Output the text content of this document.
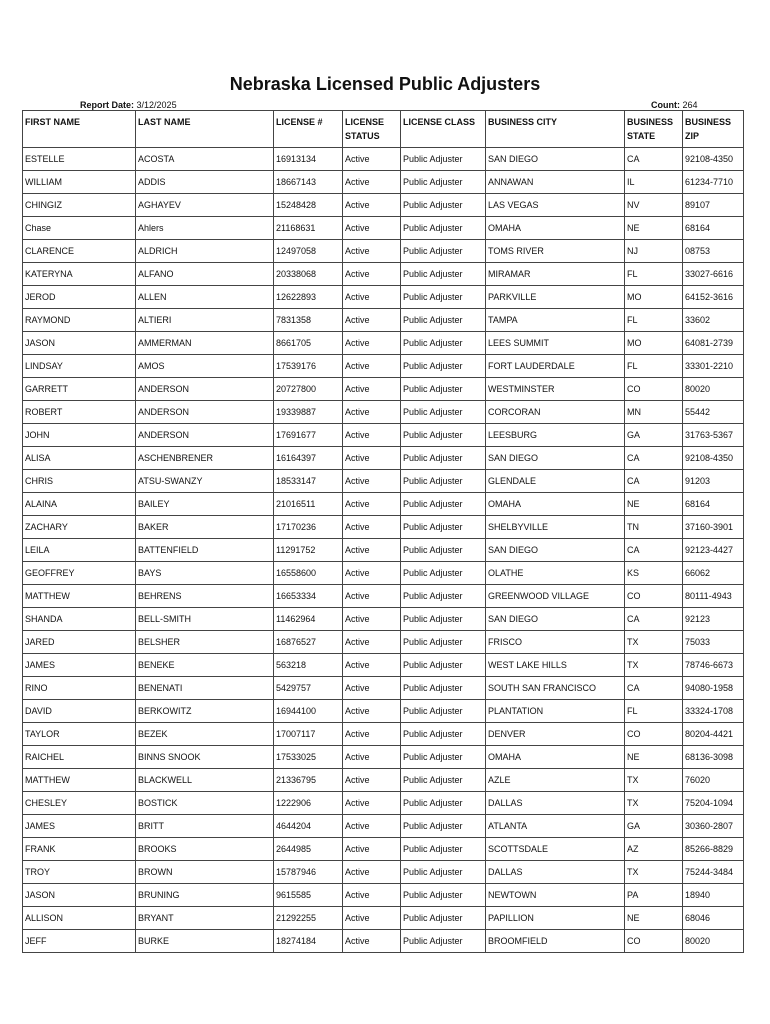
Nebraska Licensed Public Adjusters
Report Date: 3/12/2025	Count: 264
FIRST NAME	LAST NAME	LICENSE #	LICENSE STATUS	LICENSE CLASS	BUSINESS CITY	BUSINESS STATE	BUSINESS ZIP
ESTELLE	ACOSTA	16913134	Active	Public Adjuster	SAN DIEGO	CA	92108-4350
WILLIAM	ADDIS	18667143	Active	Public Adjuster	ANNAWAN	IL	61234-7710
CHINGIZ	AGHAYEV	15248428	Active	Public Adjuster	LAS VEGAS	NV	89107
Chase	Ahlers	21168631	Active	Public Adjuster	OMAHA	NE	68164
CLARENCE	ALDRICH	12497058	Active	Public Adjuster	TOMS RIVER	NJ	08753
KATERYNA	ALFANO	20338068	Active	Public Adjuster	MIRAMAR	FL	33027-6616
JEROD	ALLEN	12622893	Active	Public Adjuster	PARKVILLE	MO	64152-3616
RAYMOND	ALTIERI	7831358	Active	Public Adjuster	TAMPA	FL	33602
JASON	AMMERMAN	8661705	Active	Public Adjuster	LEES SUMMIT	MO	64081-2739
LINDSAY	AMOS	17539176	Active	Public Adjuster	FORT LAUDERDALE	FL	33301-2210
GARRETT	ANDERSON	20727800	Active	Public Adjuster	WESTMINSTER	CO	80020
ROBERT	ANDERSON	19339887	Active	Public Adjuster	CORCORAN	MN	55442
JOHN	ANDERSON	17691677	Active	Public Adjuster	LEESBURG	GA	31763-5367
ALISA	ASCHENBRENER	16164397	Active	Public Adjuster	SAN DIEGO	CA	92108-4350
CHRIS	ATSU-SWANZY	18533147	Active	Public Adjuster	GLENDALE	CA	91203
ALAINA	BAILEY	21016511	Active	Public Adjuster	OMAHA	NE	68164
ZACHARY	BAKER	17170236	Active	Public Adjuster	SHELBYVILLE	TN	37160-3901
LEILA	BATTENFIELD	11291752	Active	Public Adjuster	SAN DIEGO	CA	92123-4427
GEOFFREY	BAYS	16558600	Active	Public Adjuster	OLATHE	KS	66062
MATTHEW	BEHRENS	16653334	Active	Public Adjuster	GREENWOOD VILLAGE	CO	80111-4943
SHANDA	BELL-SMITH	11462964	Active	Public Adjuster	SAN DIEGO	CA	92123
JARED	BELSHER	16876527	Active	Public Adjuster	FRISCO	TX	75033
JAMES	BENEKE	563218	Active	Public Adjuster	WEST LAKE HILLS	TX	78746-6673
RINO	BENENATI	5429757	Active	Public Adjuster	SOUTH SAN FRANCISCO	CA	94080-1958
DAVID	BERKOWITZ	16944100	Active	Public Adjuster	PLANTATION	FL	33324-1708
TAYLOR	BEZEK	17007117	Active	Public Adjuster	DENVER	CO	80204-4421
RAICHEL	BINNS SNOOK	17533025	Active	Public Adjuster	OMAHA	NE	68136-3098
MATTHEW	BLACKWELL	21336795	Active	Public Adjuster	AZLE	TX	76020
CHESLEY	BOSTICK	1222906	Active	Public Adjuster	DALLAS	TX	75204-1094
JAMES	BRITT	4644204	Active	Public Adjuster	ATLANTA	GA	30360-2807
FRANK	BROOKS	2644985	Active	Public Adjuster	SCOTTSDALE	AZ	85266-8829
TROY	BROWN	15787946	Active	Public Adjuster	DALLAS	TX	75244-3484
JASON	BRUNING	9615585	Active	Public Adjuster	NEWTOWN	PA	18940
ALLISON	BRYANT	21292255	Active	Public Adjuster	PAPILLION	NE	68046
JEFF	BURKE	18274184	Active	Public Adjuster	BROOMFIELD	CO	80020
